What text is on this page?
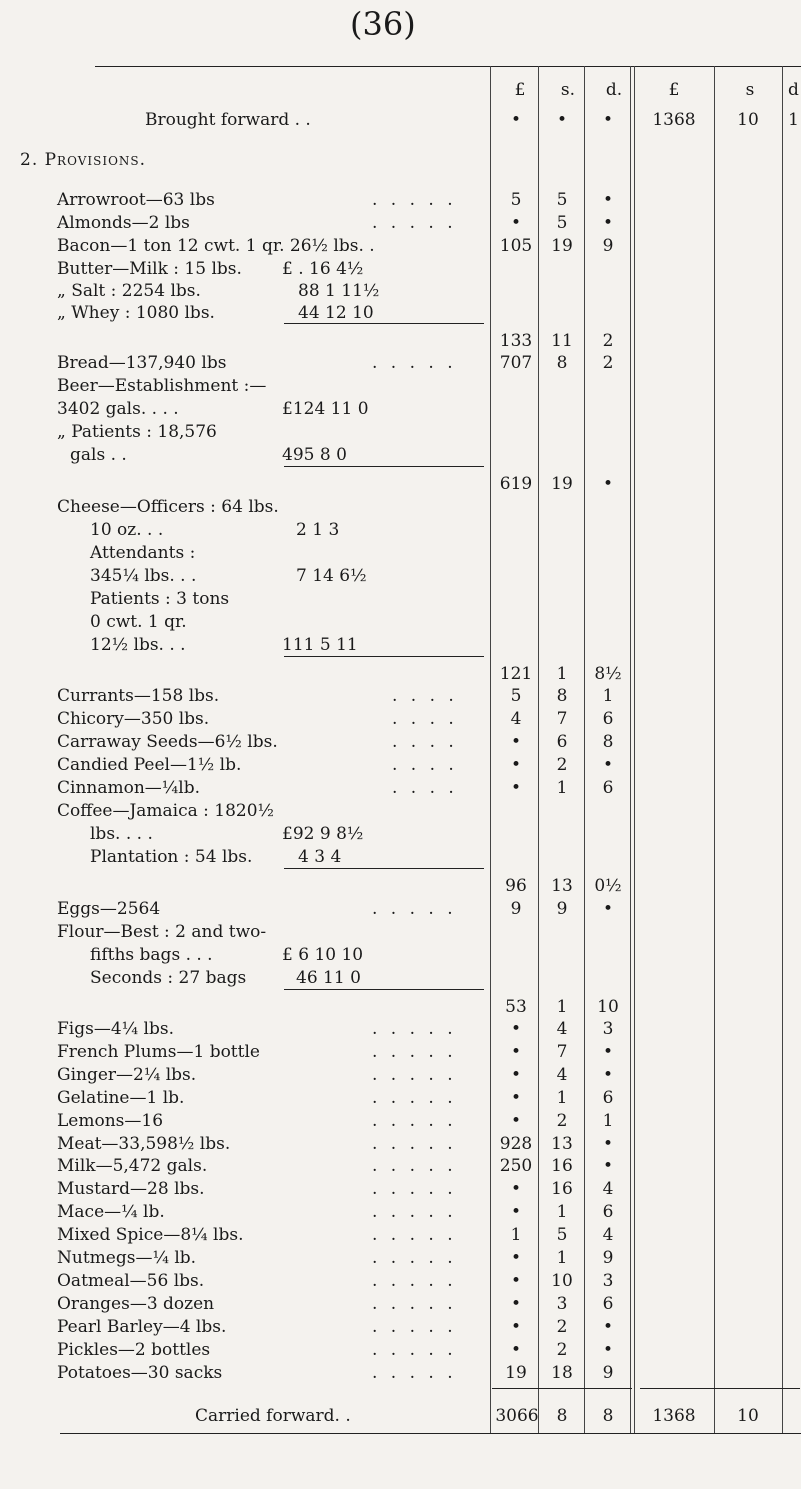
(36)
£	s.	d.	£	s	d
Brought forward . .	•	•	•	1368	10	1
2. Provisions.
Arrowroot—63 lbs	. . . . .	5	5	•
Almonds—2 lbs	. . . . .	•	5	•
Bacon—1 ton 12 cwt. 1 qr. 26½ lbs. .	105	19	9
Butter—Milk : 15 lbs. £ . 16 4½
„ Salt : 2254 lbs.	88 1 11½
„ Whey : 1080 lbs.	44 12 10
133	11	2
Bread—137,940 lbs	. . . . .	707	8	2
Beer—Establishment :—
3402 gals. . . .	£124 11 0
„ Patients : 18,576
gals . .	495 8 0
619	19	•
Cheese—Officers : 64 lbs.
10 oz. . .	2 1 3
Attendants :
345¼ lbs. . .	7 14 6½
Patients : 3 tons
0 cwt. 1 qr.
12½ lbs. . .	111 5 11
121	1	8½
Currants—158 lbs.	. . . .	5	8	1
Chicory—350 lbs.	. . . .	4	7	6
Carraway Seeds—6½ lbs.	. . . .	•	6	8
Candied Peel—1½ lb.	. . . .	•	2	•
Cinnamon—¼lb.	. . . .	•	1	6
Coffee—Jamaica : 1820½
lbs. . . .	£92 9 8½
Plantation : 54 lbs.	4 3 4
96	13	0½
Eggs—2564	. . . . .	9	9	•
Flour—Best : 2 and two-
fifths bags . . .	£ 6 10 10
Seconds : 27 bags	46 11 0
53	1	10
Figs—4¼ lbs.	. . . . .	•	4	3
French Plums—1 bottle	. . . . .	•	7	•
Ginger—2¼ lbs.	. . . . .	•	4	•
Gelatine—1 lb.	. . . . .	•	1	6
Lemons—16	. . . . .	•	2	1
Meat—33,598½ lbs.	. . . . .	928	13	•
Milk—5,472 gals.	. . . . .	250	16	•
Mustard—28 lbs.	. . . . .	•	16	4
Mace—¼ lb.	. . . . .	•	1	6
Mixed Spice—8¼ lbs.	. . . . .	1	5	4
Nutmegs—¼ lb.	. . . . .	•	1	9
Oatmeal—56 lbs.	. . . . .	•	10	3
Oranges—3 dozen	. . . . .	•	3	6
Pearl Barley—4 lbs.	. . . . .	•	2	•
Pickles—2 bottles	. . . . .	•	2	•
Potatoes—30 sacks	. . . . .	19	18	9
Carried forward. .	3066	8	8	1368	10
